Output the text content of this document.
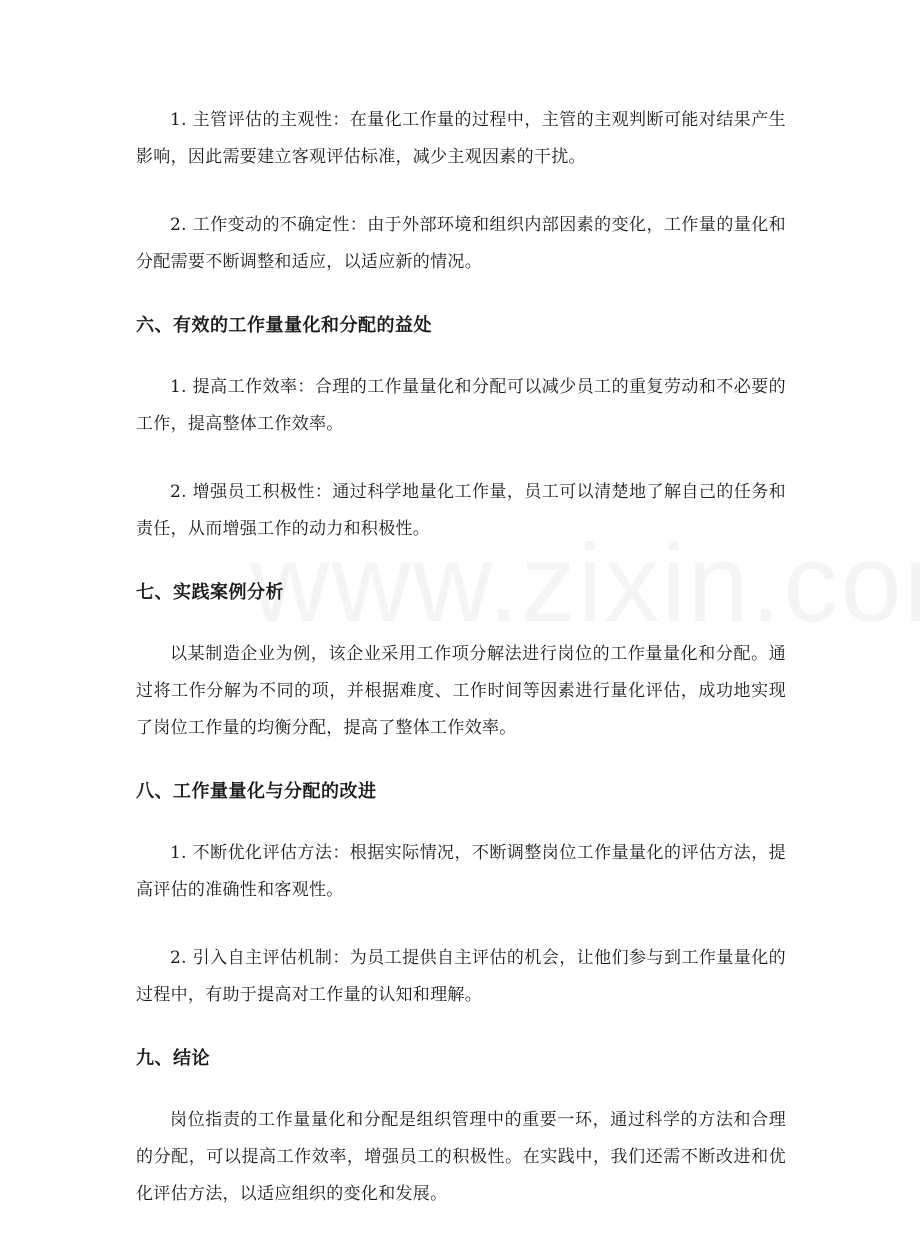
1. 主管评估的主观性：在量化工作量的过程中，主管的主观判断可能对结果产生影响，因此需要建立客观评估标准，减少主观因素的干扰。

2. 工作变动的不确定性：由于外部环境和组织内部因素的变化，工作量的量化和分配需要不断调整和适应，以适应新的情况。

六、有效的工作量量化和分配的益处

1. 提高工作效率：合理的工作量量化和分配可以减少员工的重复劳动和不必要的工作，提高整体工作效率。

2. 增强员工积极性：通过科学地量化工作量，员工可以清楚地了解自己的任务和责任，从而增强工作的动力和积极性。

七、实践案例分析

以某制造企业为例，该企业采用工作项分解法进行岗位的工作量量化和分配。通过将工作分解为不同的项，并根据难度、工作时间等因素进行量化评估，成功地实现了岗位工作量的均衡分配，提高了整体工作效率。

八、工作量量化与分配的改进

1. 不断优化评估方法：根据实际情况，不断调整岗位工作量量化的评估方法，提高评估的准确性和客观性。

2. 引入自主评估机制：为员工提供自主评估的机会，让他们参与到工作量量化的过程中，有助于提高对工作量的认知和理解。

九、结论

岗位指责的工作量量化和分配是组织管理中的重要一环，通过科学的方法和合理的分配，可以提高工作效率，增强员工的积极性。在实践中，我们还需不断改进和优化评估方法，以适应组织的变化和发展。
